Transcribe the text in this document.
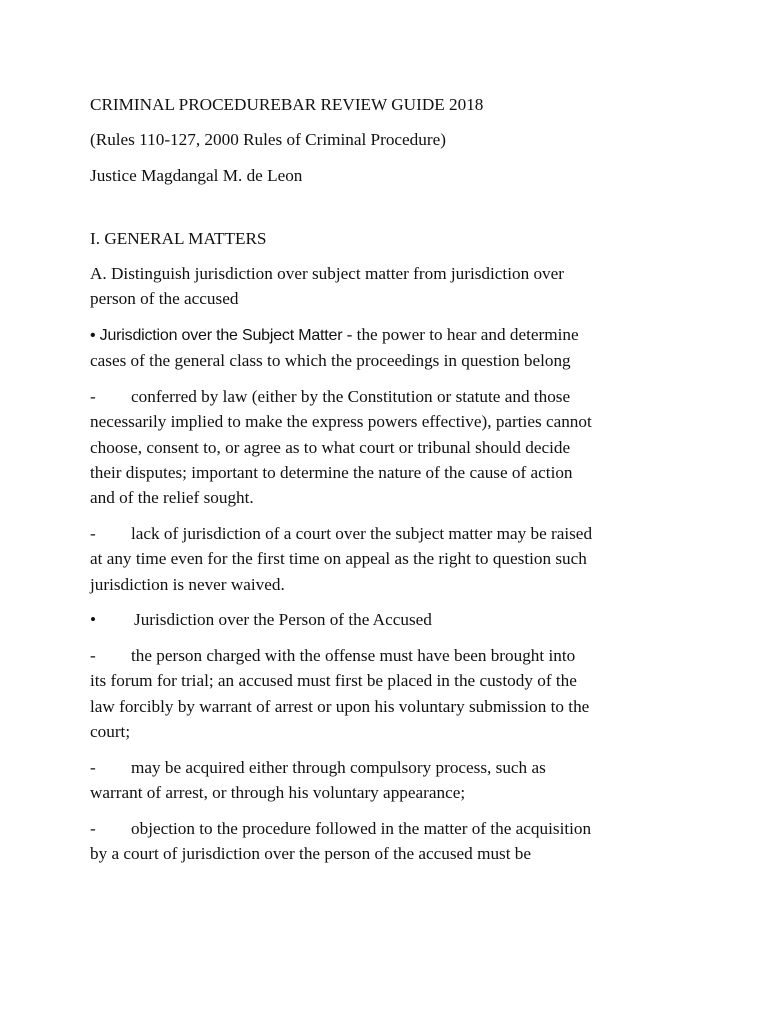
CRIMINAL PROCEDUREBAR REVIEW GUIDE 2018

(Rules 110-127, 2000 Rules of Criminal Procedure)

Justice Magdangal M. de Leon

I. GENERAL MATTERS

A. Distinguish jurisdiction over subject matter from jurisdiction over
person of the accused
• Jurisdiction over the Subject Matter - the power to hear and determine
cases of the general class to which the proceedings in question belong
- conferred by law (either by the Constitution or statute and those
necessarily implied to make the express powers effective), parties cannot
choose, consent to, or agree as to what court or tribunal should decide
their disputes; important to determine the nature of the cause of action
and of the relief sought.
- lack of jurisdiction of a court over the subject matter may be raised
at any time even for the first time on appeal as the right to question such
jurisdiction is never waived.
• Jurisdiction over the Person of the Accused
- the person charged with the offense must have been brought into
its forum for trial; an accused must first be placed in the custody of the
law forcibly by warrant of arrest or upon his voluntary submission to the
court;
- may be acquired either through compulsory process, such as
warrant of arrest, or through his voluntary appearance;
- objection to the procedure followed in the matter of the acquisition
by a court of jurisdiction over the person of the accused must be
